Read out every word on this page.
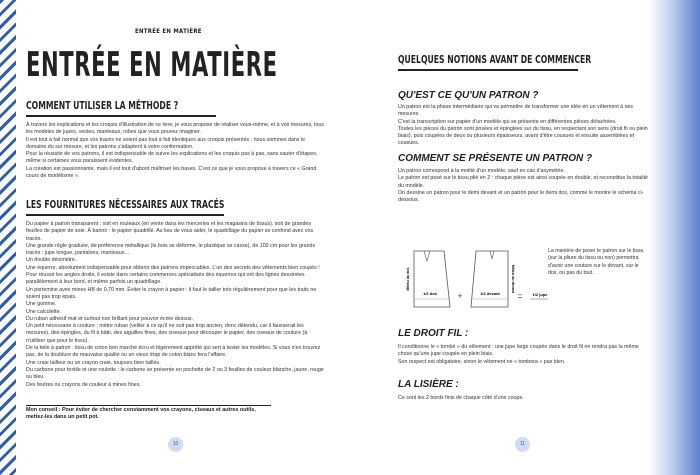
ENTRÉE EN MATIÈRE
ENTRÉE EN MATIÈRE
COMMENT UTILISER LA MÉTHODE ?

À travers les explications et les croquis d'illustration de ce livre, je vous propose de réaliser vous-même, et à vos mesures, tous les modèles de jupes, vestes, manteaux, robes que vous pouvez imaginer.

Il est tout à fait normal que vos tracés ne soient pas tout à fait identiques aux croquis présentés : nous sommes dans le domaine du sur mesure, et les patrons s'adaptent à votre conformation.

Pour la réussite de vos patrons, il est indispensable de suivre les explications et les croquis pas à pas, sans sauter d'étapes, même si certaines vous paraissent évidentes.

La création est passionnante, mais il est tout d'abord maîtriser les bases. C'est ce que je vous propose à travers ce « Grand cours de modélisme ».

LES FOURNITURES NÉCESSAIRES AUX TRACÉS

Du papier à patron transparent : soit en rouleaux (en vente dans les merceries et les magasins de tissus), soit de grandes feuilles de papier de soie. À bannir : le papier quadrillé. Au lieu de vous aider, le quadrillage du papier se confond avec vos tracés.

Une grande règle graduée, de préférence métallique (le bois se déforme, le plastique se casse), de 100 cm pour les grands tracés : jupe longue, pantalons, manteaux…

Un double décimètre.

Une équerre, absolument indispensable pour obtenir des patrons impeccables. L'un des secrets des vêtements bien coupés ! Pour réussir les angles droits, il existe dans certains commerces spécialisés des équerres qui ont des lignes dessinées parallèlement à leur bord, et même parfois un quadrillage.

Un portemine avec mines HB de 0,70 mm. Éviter le crayon à papier : il faut le tailler très régulièrement pour que les traits ne soient pas trop épais.

Une gomme.

Une calculette.

Du ruban adhésif mat et surtout non brillant pour pouvoir écrire dessus.

Un petit nécessaire à couture : mètre ruban (veiller à ce qu'il ne soit pas trop ancien, donc détendu, car il fausserait les mesures), des épingles, du fil à bâtir, des aiguilles fines, des ciseaux pour découper le papier, des ciseaux de couture (à n'utiliser que pour le tissu).

De la toile à patron : tissu de coton bon marché écru et légèrement apprêté qui sert à tester les modèles. Si vous n'en trouvez pas, de la doublure de mauvaise qualité ou un vieux drap de coton blanc fera l'affaire.

Une craie tailleur ou un crayon craie, toujours bien taillés.

Du carbone pour textile et une roulette : le carbone se présente en pochette de 2 ou 3 feuilles de couleur blanche, jaune, rouge ou bleu.

Des feutres ou crayons de couleur à mines fines.

Mon conseil : Pour éviter de chercher constamment vos crayons, ciseaux et autres outils, mettez-les dans un petit pot.
10
QUELQUES NOTIONS AVANT DE COMMENCER
QU'EST CE QU'UN PATRON ?

Un patron est la phase intermédiaire qui va permettre de transformer une idée en un vêtement à ses mesures.

C'est la transcription sur papier d'un modèle qui se présente en différentes pièces détachées.

Toutes les pièces du patron sont posées et épinglées sur du tissu, en respectant son sens (droit fil ou plein biais), puis coupées de deux ou plusieurs épaisseurs, avant d'être cousues et ensuite assemblées et cousues.

COMMENT SE PRÉSENTE UN PATRON ?

Un patron correspond à la moitié d'un modèle, sauf en cas d'asymétrie.

Le patron est posé sur le tissu plié en 2 : chaque pièce est ainsi coupée en double, et reconstitue la totalité du modèle.

On dessine un patron pour le demi devant et un patron pour le demi dos, comme le montre le schéma ci-dessous.

Milieu du dos	Milieu du devant
1/2 dos	1/2 devant
+	= 1/2 jupe
La manière de poser le patron sur le tissu (sur la pliure du tissu ou non) permettra d'avoir une couture sur le devant, sur le dos, ou pas du tout.
LE DROIT FIL :

Il conditionne le « tombé » du vêtement : une jupe large coupée dans le droit fil ne rendra pas la même chose qu'une jupe coupée en plein biais.

Son respect est obligatoire, sinon le vêtement ne « tombera » pas bien.

LA LISIÈRE :

Ce sont les 2 bords finis de chaque côté d'une coupe.

11
